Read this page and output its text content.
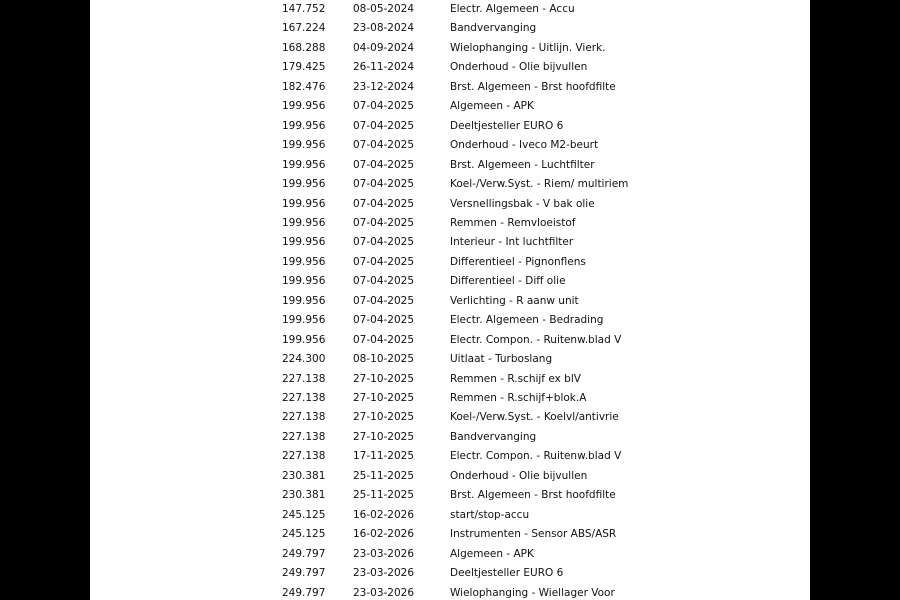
147.752	08-05-2024	Electr. Algemeen - Accu
167.224	23-08-2024	Bandvervanging
168.288	04-09-2024	Wielophanging - Uitlijn. Vierk.
179.425	26-11-2024	Onderhoud - Olie bijvullen
182.476	23-12-2024	Brst. Algemeen - Brst hoofdfilte
199.956	07-04-2025	Algemeen - APK
199.956	07-04-2025	Deeltjesteller EURO 6
199.956	07-04-2025	Onderhoud - Iveco M2-beurt
199.956	07-04-2025	Brst. Algemeen - Luchtfilter
199.956	07-04-2025	Koel-/Verw.Syst. - Riem/ multiriem
199.956	07-04-2025	Versnellingsbak - V bak olie
199.956	07-04-2025	Remmen - Remvloeistof
199.956	07-04-2025	Interieur - Int luchtfilter
199.956	07-04-2025	Differentieel - Pignonflens
199.956	07-04-2025	Differentieel - Diff olie
199.956	07-04-2025	Verlichting - R aanw unit
199.956	07-04-2025	Electr. Algemeen - Bedrading
199.956	07-04-2025	Electr. Compon. - Ruitenw.blad V
224.300	08-10-2025	Uitlaat - Turboslang
227.138	27-10-2025	Remmen - R.schijf ex blV
227.138	27-10-2025	Remmen - R.schijf+blok.A
227.138	27-10-2025	Koel-/Verw.Syst. - Koelvl/antivrie
227.138	27-10-2025	Bandvervanging
227.138	17-11-2025	Electr. Compon. - Ruitenw.blad V
230.381	25-11-2025	Onderhoud - Olie bijvullen
230.381	25-11-2025	Brst. Algemeen - Brst hoofdfilte
245.125	16-02-2026	start/stop-accu
245.125	16-02-2026	Instrumenten - Sensor ABS/ASR
249.797	23-03-2026	Algemeen - APK
249.797	23-03-2026	Deeltjesteller EURO 6
249.797	23-03-2026	Wielophanging - Wiellager Voor
